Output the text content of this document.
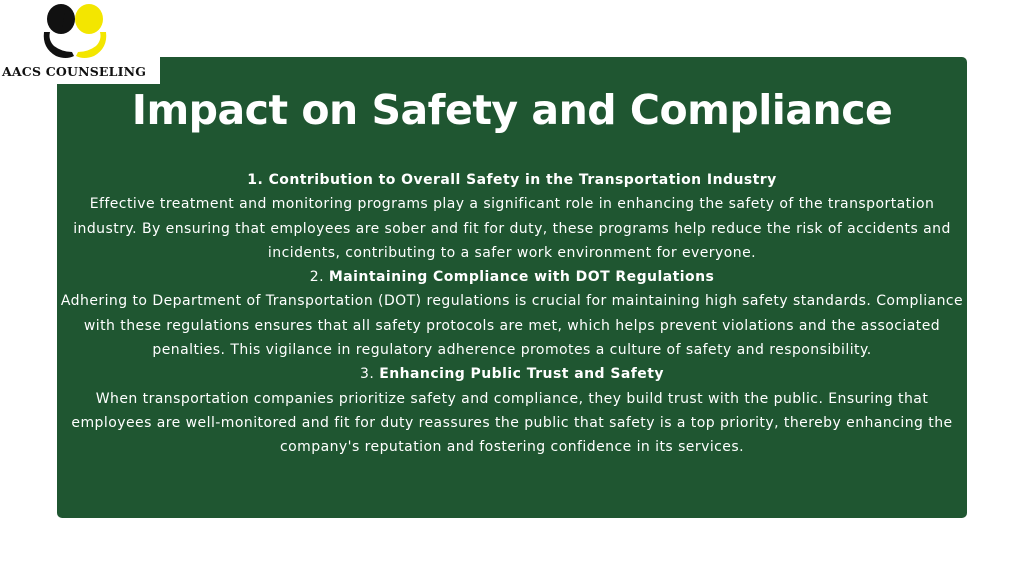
AACS COUNSELING
Impact on Safety and Compliance

1. Contribution to Overall Safety in the Transportation Industry

Effective treatment and monitoring programs play a significant role in enhancing the safety of the transportation industry. By ensuring that employees are sober and fit for duty, these programs help reduce the risk of accidents and incidents, contributing to a safer work environment for everyone.

2. Maintaining Compliance with DOT Regulations

Adhering to Department of Transportation (DOT) regulations is crucial for maintaining high safety standards. Compliance with these regulations ensures that all safety protocols are met, which helps prevent violations and the associated penalties. This vigilance in regulatory adherence promotes a culture of safety and responsibility.

3. Enhancing Public Trust and Safety

When transportation companies prioritize safety and compliance, they build trust with the public. Ensuring that employees are well-monitored and fit for duty reassures the public that safety is a top priority, thereby enhancing the company's reputation and fostering confidence in its services.
